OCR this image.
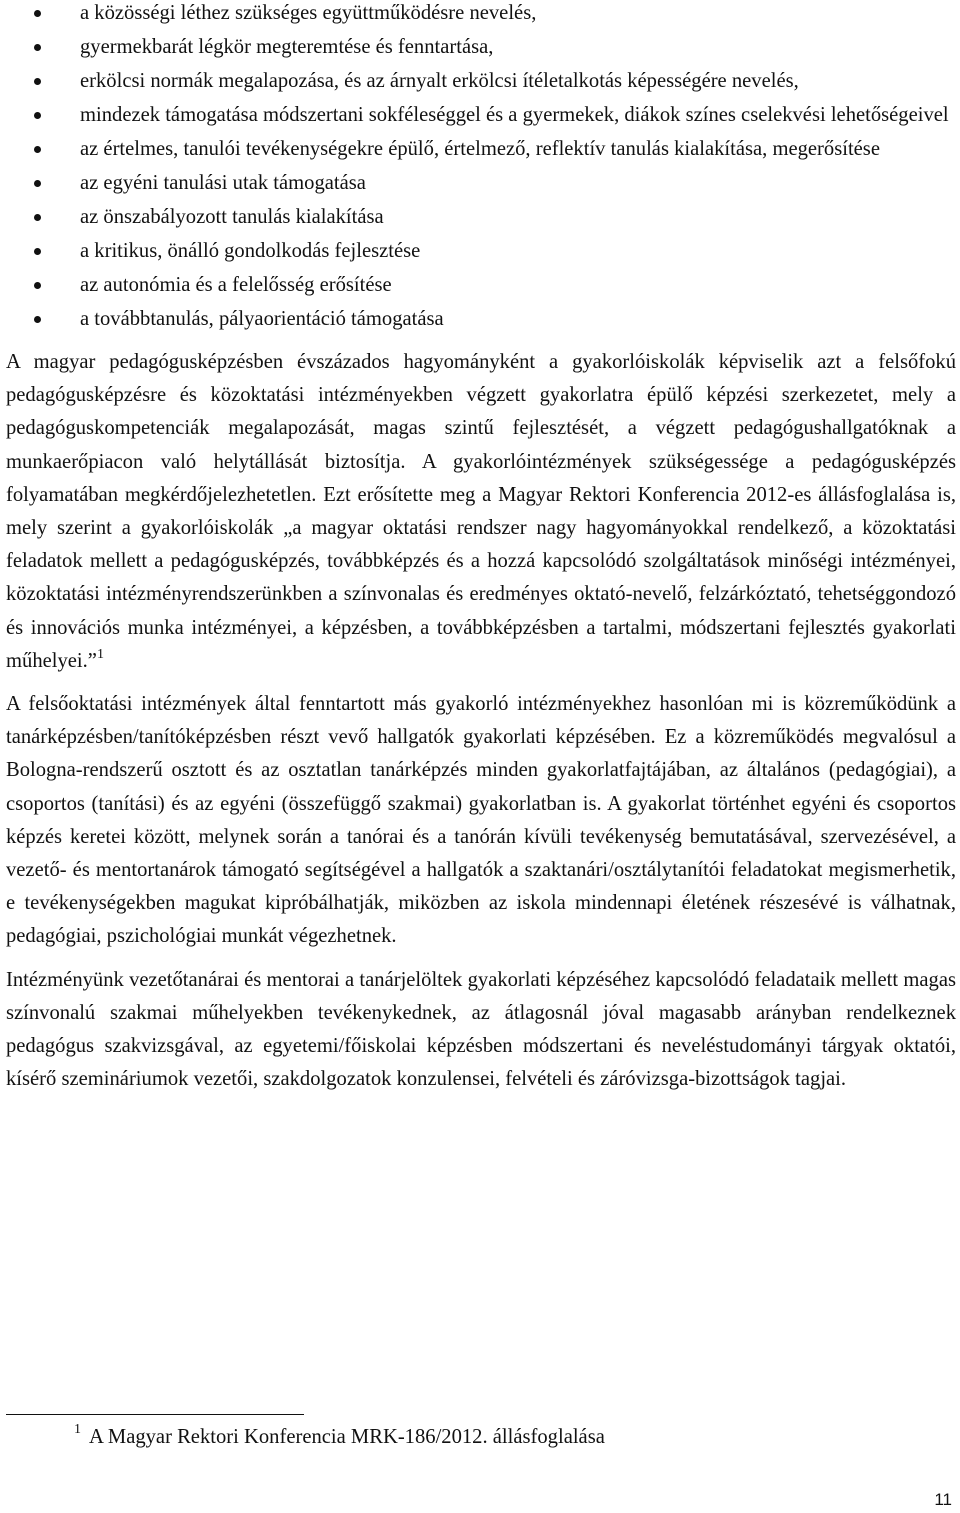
a közösségi léthez szükséges együttműködésre nevelés,
gyermekbarát légkör megteremtése és fenntartása,
erkölcsi normák megalapozása, és az árnyalt erkölcsi ítéletalkotás képességére nevelés,
mindezek támogatása módszertani sokféleséggel és a gyermekek, diákok színes cselekvési lehetőségeivel
az értelmes, tanulói tevékenységekre épülő, értelmező, reflektív tanulás kialakítása, megerősítése
az egyéni tanulási utak támogatása
az önszabályozott tanulás kialakítása
a kritikus, önálló gondolkodás fejlesztése
az autonómia és a felelősség erősítése
a továbbtanulás, pályaorientáció támogatása

A magyar pedagógusképzésben évszázados hagyományként a gyakorlóiskolák képviselik azt a felsőfokú pedagógusképzésre és közoktatási intézményekben végzett gyakorlatra épülő képzési szerkezetet, mely a pedagóguskompetenciák megalapozását, magas szintű fejlesztését, a végzett pedagógushallgatóknak a munkaerőpiacon való helytállását biztosítja. A gyakorlóintézmények szükségessége a pedagógusképzés folyamatában megkérdőjelezhetetlen. Ezt erősítette meg a Magyar Rektori Konferencia 2012-es állásfoglalása is, mely szerint a gyakorlóiskolák „a magyar oktatási rendszer nagy hagyományokkal rendelkező, a közoktatási feladatok mellett a pedagógusképzés, továbbképzés és a hozzá kapcsolódó szolgáltatások minőségi intézményei, közoktatási intézményrendszerünkben a színvonalas és eredményes oktató-nevelő, felzárkóztató, tehetséggondozó és innovációs munka intézményei, a képzésben, a továbbképzésben a tartalmi, módszertani fejlesztés gyakorlati műhelyei.”$^1$

A felsőoktatási intézmények által fenntartott más gyakorló intézményekhez hasonlóan mi is közreműködünk a tanárképzésben/tanítóképzésben részt vevő hallgatók gyakorlati képzésében. Ez a közreműködés megvalósul a Bologna-rendszerű osztott és az osztatlan tanárképzés minden gyakorlatfajtájában, az általános (pedagógiai), a csoportos (tanítási) és az egyéni (összefüggő szakmai) gyakorlatban is. A gyakorlat történhet egyéni és csoportos képzés keretei között, melynek során a tanórai és a tanórán kívüli tevékenység bemutatásával, szervezésével, a vezető- és mentortanárok támogató segítségével a hallgatók a szaktanári/osztálytanítói feladatokat megismerhetik, e tevékenységekben magukat kipróbálhatják, miközben az iskola mindennapi életének részesévé is válhatnak, pedagógiai, pszichológiai munkát végezhetnek.

Intézményünk vezetőtanárai és mentorai a tanárjelöltek gyakorlati képzéséhez kapcsolódó feladataik mellett magas színvonalú szakmai műhelyekben tevékenykednek, az átlagosnál jóval magasabb arányban rendelkeznek pedagógus szakvizsgával, az egyetemi/főiskolai képzésben módszertani és neveléstudományi tárgyak oktatói, kísérő szemináriumok vezetői, szakdolgozatok konzulensei, felvételi és záróvizsga-bizottságok tagjai.

$^1$ A Magyar Rektori Konferencia MRK-186/2012. állásfoglalása
11
